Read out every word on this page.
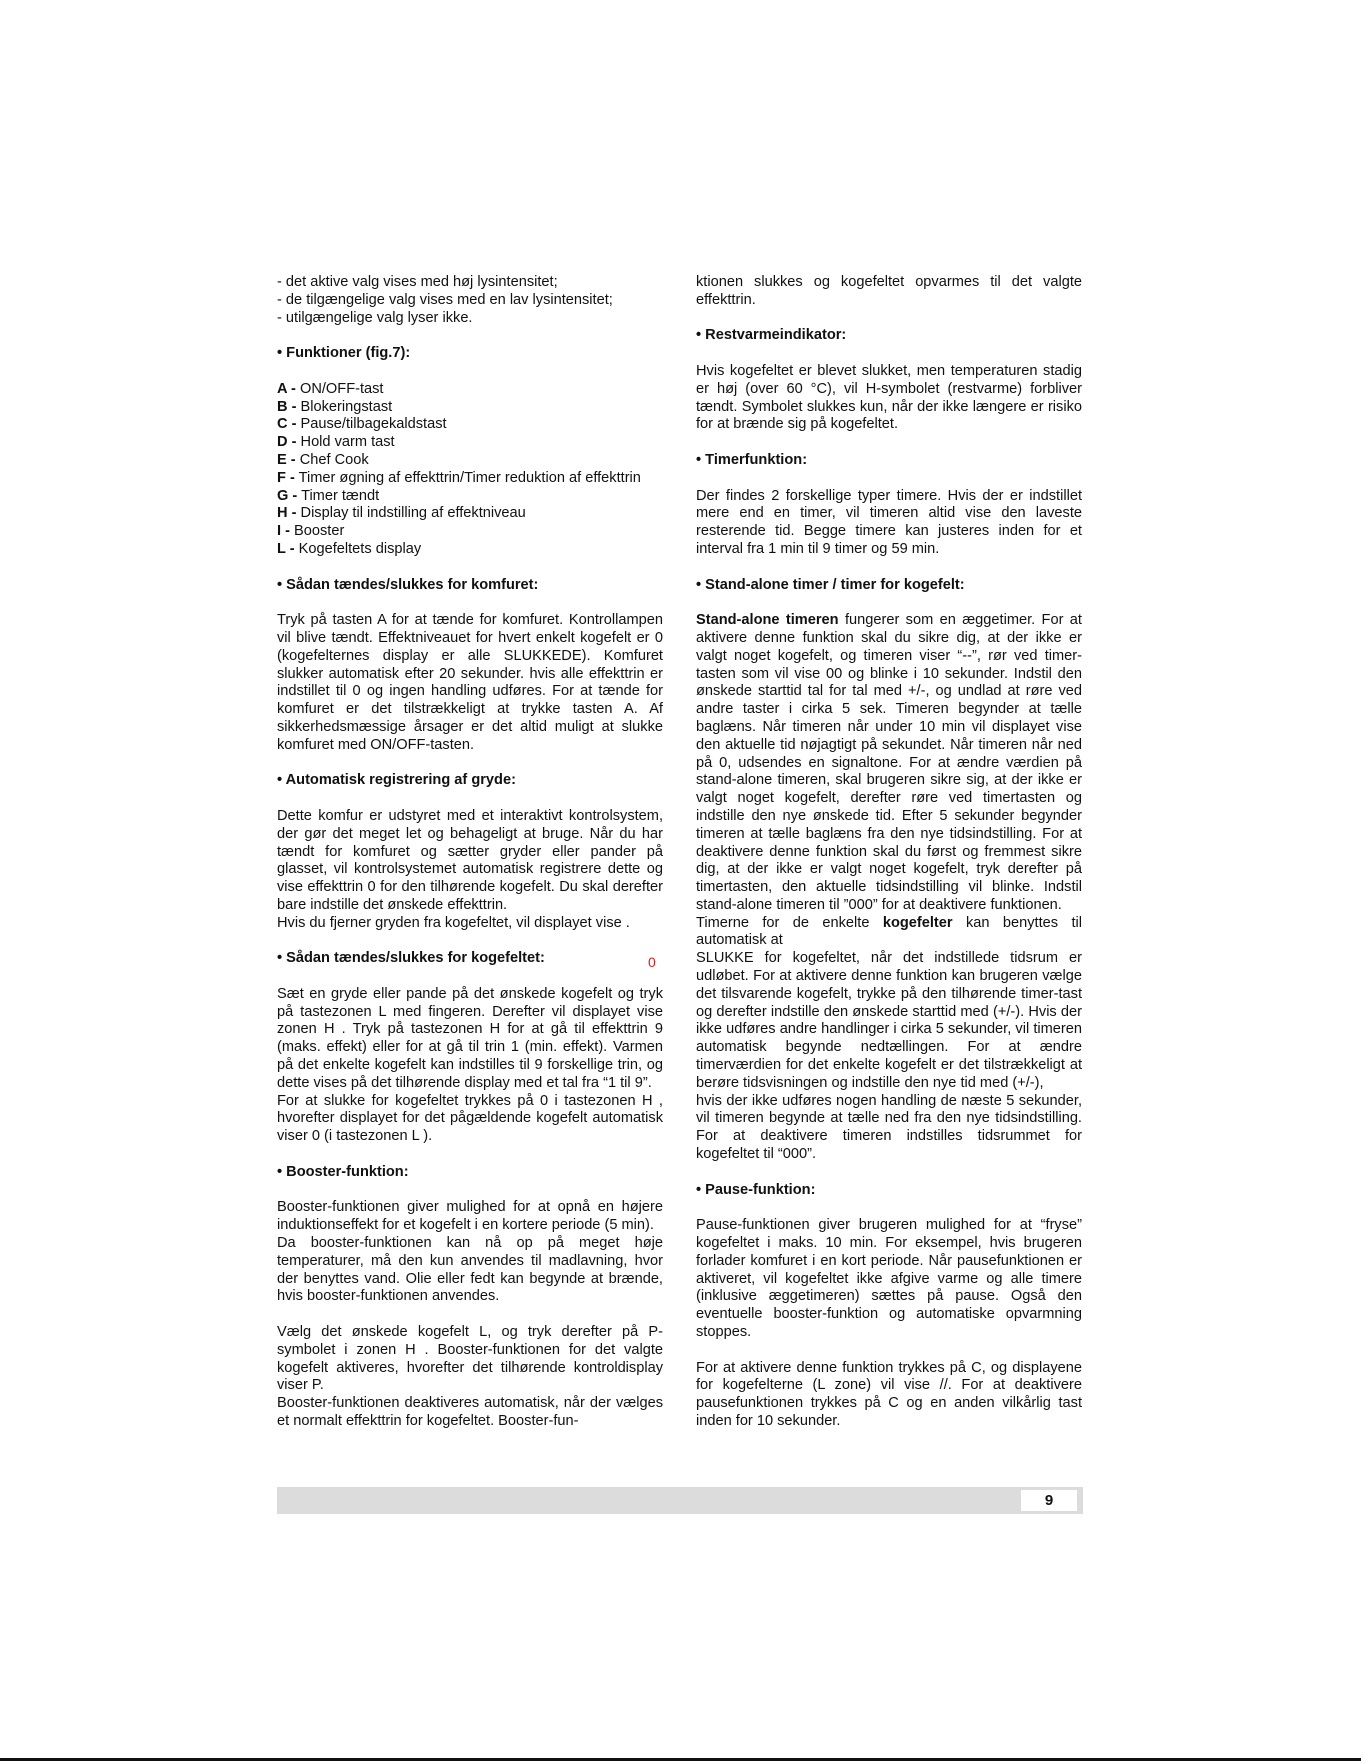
- det aktive valg vises med høj lysintensitet;
- de tilgængelige valg vises med en lav lysintensitet;
- utilgængelige valg lyser ikke.
• Funktioner (fig.7):
A - ON/OFF-tast
B - Blokeringstast
C - Pause/tilbagekaldstast
D - Hold varm tast
E - Chef Cook
F - Timer øgning af effekttrin/Timer reduktion af effekttrin
G - Timer tændt
H - Display til indstilling af effektniveau
I - Booster
L - Kogefeltets display
• Sådan tændes/slukkes for komfuret:
Tryk på tasten A for at tænde for komfuret. Kontrollampen vil blive tændt. Effektniveauet for hvert enkelt kogefelt er 0 (kogefelternes display er alle SLUKKEDE). Komfuret slukker automatisk efter 20 sekunder. hvis alle effekttrin er indstillet til 0 og ingen handling udføres. For at tænde for komfuret er det tilstrækkeligt at trykke tasten A. Af sikkerhedsmæssige årsager er det altid muligt at slukke komfuret med ON/OFF-tasten.
• Automatisk registrering af gryde:
Dette komfur er udstyret med et interaktivt kontrolsystem, der gør det meget let og behageligt at bruge. Når du har tændt for komfuret og sætter gryder eller pander på glasset, vil kontrolsystemet automatisk registrere dette og vise effekttrin 0 for den tilhørende kogefelt. Du skal derefter bare indstille det ønskede effekttrin.
Hvis du fjerner gryden fra kogefeltet, vil displayet vise .
• Sådan tændes/slukkes for kogefeltet:
Sæt en gryde eller pande på det ønskede kogefelt og tryk på tastezonen L med fingeren. Derefter vil displayet vise zonen H . Tryk på tastezonen H for at gå til effekttrin 9 (maks. effekt) eller for at gå til trin 1 (min. effekt). Varmen på det enkelte kogefelt kan indstilles til 9 forskellige trin, og dette vises på det tilhørende display med et tal fra “1 til 9”.
For at slukke for kogefeltet trykkes på 0 i tastezonen H , hvorefter displayet for det pågældende kogefelt automatisk viser 0 (i tastezonen L ).
• Booster-funktion:
Booster-funktionen giver mulighed for at opnå en højere induktionseffekt for et kogefelt i en kortere periode (5 min).
Da booster-funktionen kan nå op på meget høje temperaturer, må den kun anvendes til madlavning, hvor der benyttes vand. Olie eller fedt kan begynde at brænde, hvis booster-funktionen anvendes.
Vælg det ønskede kogefelt L, og tryk derefter på P-symbolet i zonen H . Booster-funktionen for det valgte kogefelt aktiveres, hvorefter det tilhørende kontroldisplay viser P.
Booster-funktionen deaktiveres automatisk, når der vælges et normalt effekttrin for kogefeltet. Booster-fun-
0
ktionen slukkes og kogefeltet opvarmes til det valgte effekttrin.
• Restvarmeindikator:
Hvis kogefeltet er blevet slukket, men temperaturen stadig er høj (over 60 °C), vil H-symbolet (restvarme) forbliver tændt. Symbolet slukkes kun, når der ikke længere er risiko for at brænde sig på kogefeltet.
• Timerfunktion:
Der findes 2 forskellige typer timere. Hvis der er indstillet mere end en timer, vil timeren altid vise den laveste resterende tid. Begge timere kan justeres inden for et interval fra 1 min til 9 timer og 59 min.
• Stand-alone timer / timer for kogefelt:
Stand-alone timeren fungerer som en æggetimer. For at aktivere denne funktion skal du sikre dig, at der ikke er valgt noget kogefelt, og timeren viser “--”, rør ved timer-tasten som vil vise 00 og blinke i 10 sekunder. Indstil den ønskede starttid tal for tal med +/-, og undlad at røre ved andre taster i cirka 5 sek. Timeren begynder at tælle baglæns. Når timeren når under 10 min vil displayet vise den aktuelle tid nøjagtigt på sekundet. Når timeren når ned på 0, udsendes en signaltone. For at ændre værdien på stand-alone timeren, skal brugeren sikre sig, at der ikke er valgt noget kogefelt, derefter røre ved timertasten og indstille den nye ønskede tid. Efter 5 sekunder begynder timeren at tælle baglæns fra den nye tidsindstilling. For at deaktivere denne funktion skal du først og fremmest sikre dig, at der ikke er valgt noget kogefelt, tryk derefter på timertasten, den aktuelle tidsindstilling vil blinke. Indstil stand-alone timeren til ”000” for at deaktivere funktionen.
Timerne for de enkelte kogefelter kan benyttes til automatisk at
SLUKKE for kogefeltet, når det indstillede tidsrum er udløbet. For at aktivere denne funktion kan brugeren vælge det tilsvarende kogefelt, trykke på den tilhørende timer-tast og derefter indstille den ønskede starttid med (+/-). Hvis der ikke udføres andre handlinger i cirka 5 sekunder, vil timeren automatisk begynde nedtællingen. For at ændre timerværdien for det enkelte kogefelt er det tilstrækkeligt at berøre tidsvisningen og indstille den nye tid med (+/-),
hvis der ikke udføres nogen handling de næste 5 sekunder, vil timeren begynde at tælle ned fra den nye tidsindstilling. For at deaktivere timeren indstilles tidsrummet for kogefeltet til “000”.
• Pause-funktion:
Pause-funktionen giver brugeren mulighed for at “fryse” kogefeltet i maks. 10 min. For eksempel, hvis brugeren forlader komfuret i en kort periode. Når pausefunktionen er aktiveret, vil kogefeltet ikke afgive varme og alle timere (inklusive æggetimeren) sættes på pause. Også den eventuelle booster-funktion og automatiske opvarmning stoppes.
For at aktivere denne funktion trykkes på C, og displayene for kogefelterne (L zone) vil vise //. For at deaktivere pausefunktionen trykkes på C og en anden vilkårlig tast inden for 10 sekunder.
9
